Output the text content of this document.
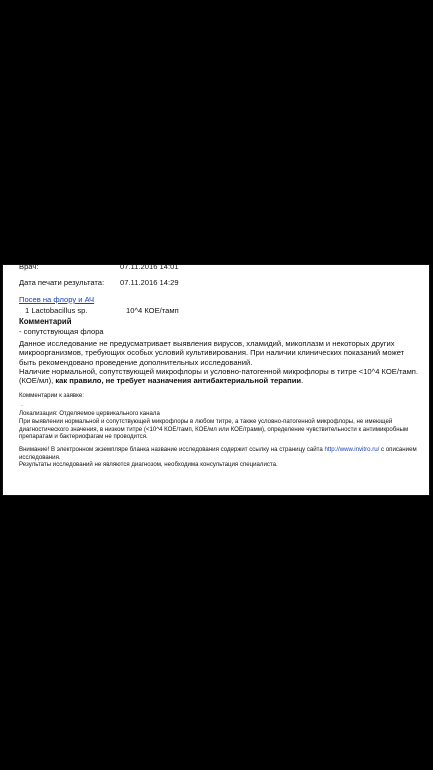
Врач:	07.11.2016 14:01
Дата печати результата: 07.11.2016 14:29
Посев на флору и АЧ
1 Lactobacillus sp.	10^4 КОЕ/тамп
Комментарий
- сопутствующая флора
Данное исследование не предусматривает выявления вирусов, хламидий, микоплазм и некоторых других микроорганизмов, требующих особых условий культивирования. При наличии клинических показаний может быть рекомендовано проведение дополнительных исследований.
Наличие нормальной, сопутствующей микрофлоры и условно-патогенной микрофлоры в титре <10^4 КОЕ/тамп. (КОЕ/мл), как правило, не требует назначения антибактериальной терапии.
Комментарии к заявке:
·
Локализация: Отделяемое цервикального канала
При выявлении нормальной и сопутствующей микрофлоры в любом титре, а также условно-патогенной микрофлоры, не имеющей диагностического значения, в низком титре (<10^4 КОЕ/тамп, КОЕ/мл или КОЕ/грамм), определение чувствительности к антимикробным препаратам и бактериофагам не проводится.
Внимание! В электронном экземпляре бланка название исследования содержит ссылку на страницу сайта http://www.invitro.ru/ с описанием исследования.
Результаты исследований не являются диагнозом, необходима консультация специалиста.
